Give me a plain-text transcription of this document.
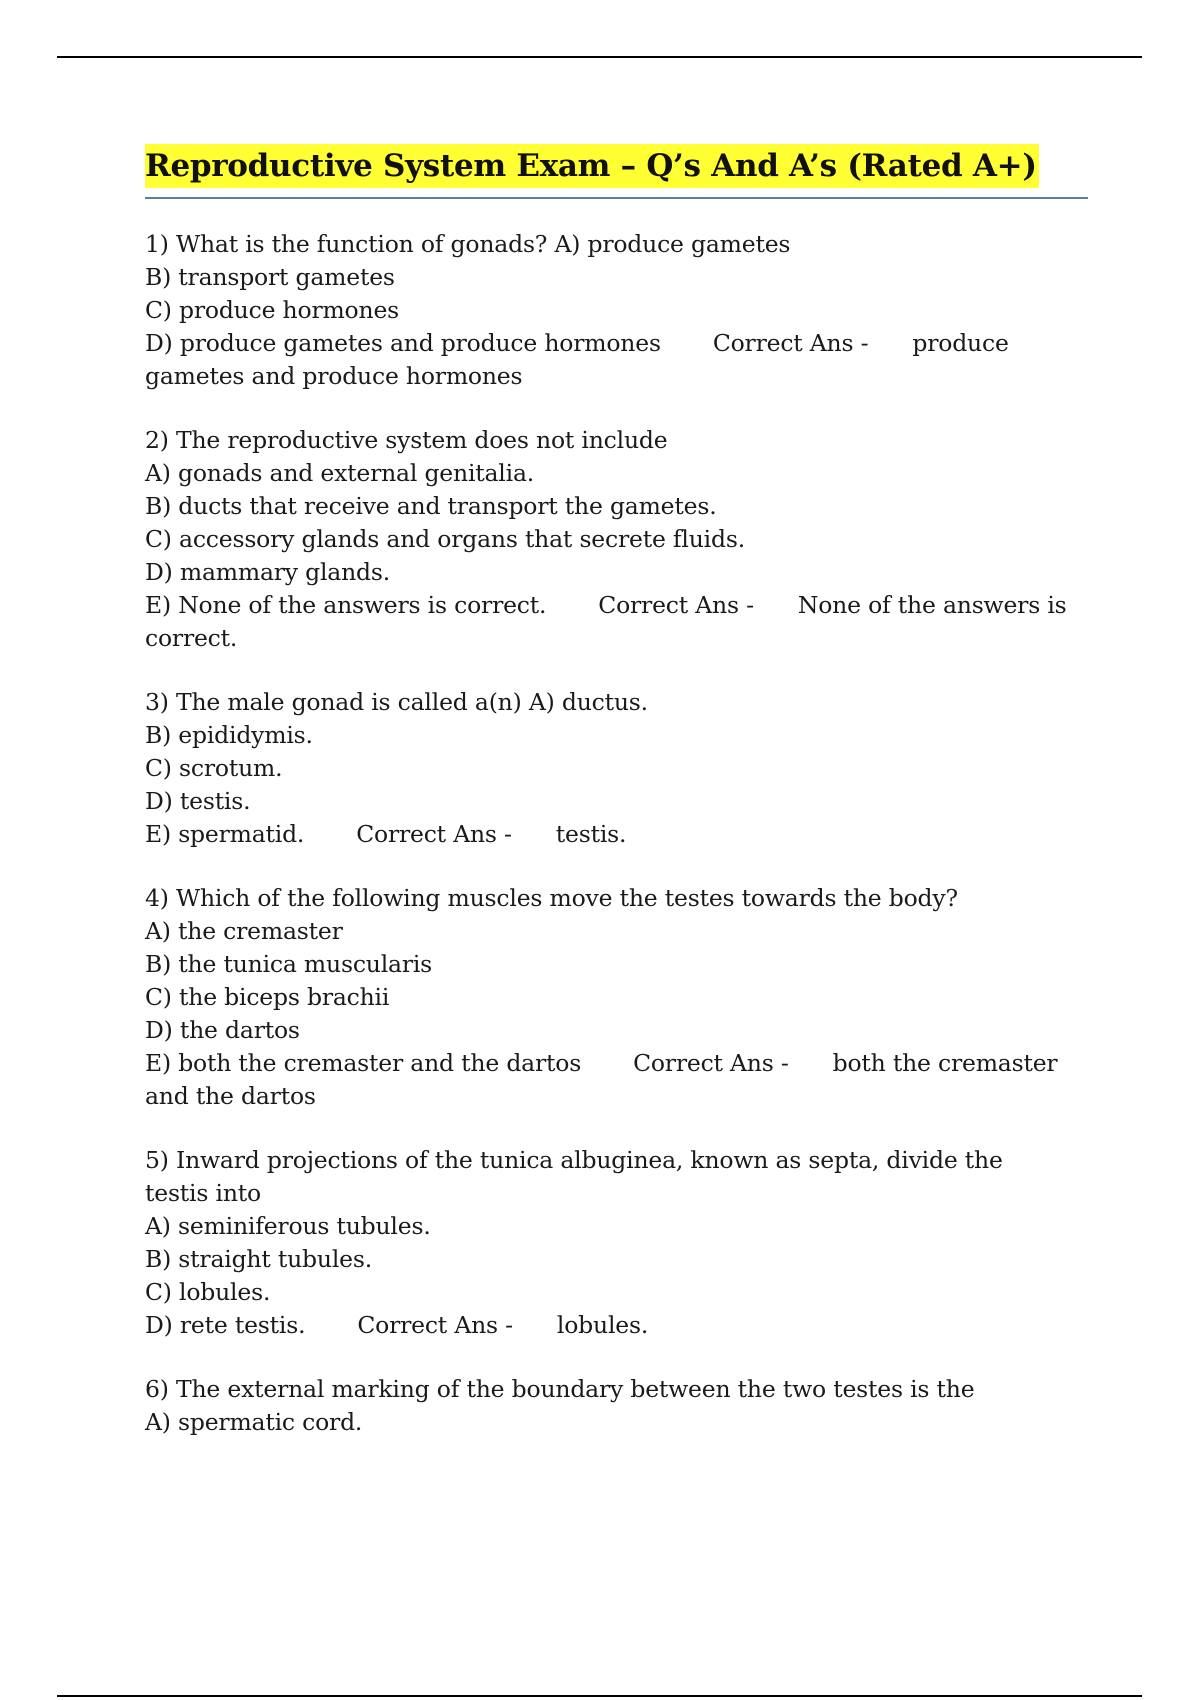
Reproductive System Exam – Q’s And A’s (Rated A+)
1) What is the function of gonads? A) produce gametes
B) transport gametes
C) produce hormones
D) produce gametes and produce hormones Correct Ans - produce gametes and produce hormones
2) The reproductive system does not include
A) gonads and external genitalia.
B) ducts that receive and transport the gametes.
C) accessory glands and organs that secrete fluids.
D) mammary glands.
E) None of the answers is correct. Correct Ans - None of the answers is correct.
3) The male gonad is called a(n) A) ductus.
B) epididymis.
C) scrotum.
D) testis.
E) spermatid. Correct Ans - testis.
4) Which of the following muscles move the testes towards the body?
A) the cremaster
B) the tunica muscularis
C) the biceps brachii
D) the dartos
E) both the cremaster and the dartos Correct Ans - both the cremaster and the dartos
5) Inward projections of the tunica albuginea, known as septa, divide the testis into
A) seminiferous tubules.
B) straight tubules.
C) lobules.
D) rete testis. Correct Ans - lobules.
6) The external marking of the boundary between the two testes is the
A) spermatic cord.
